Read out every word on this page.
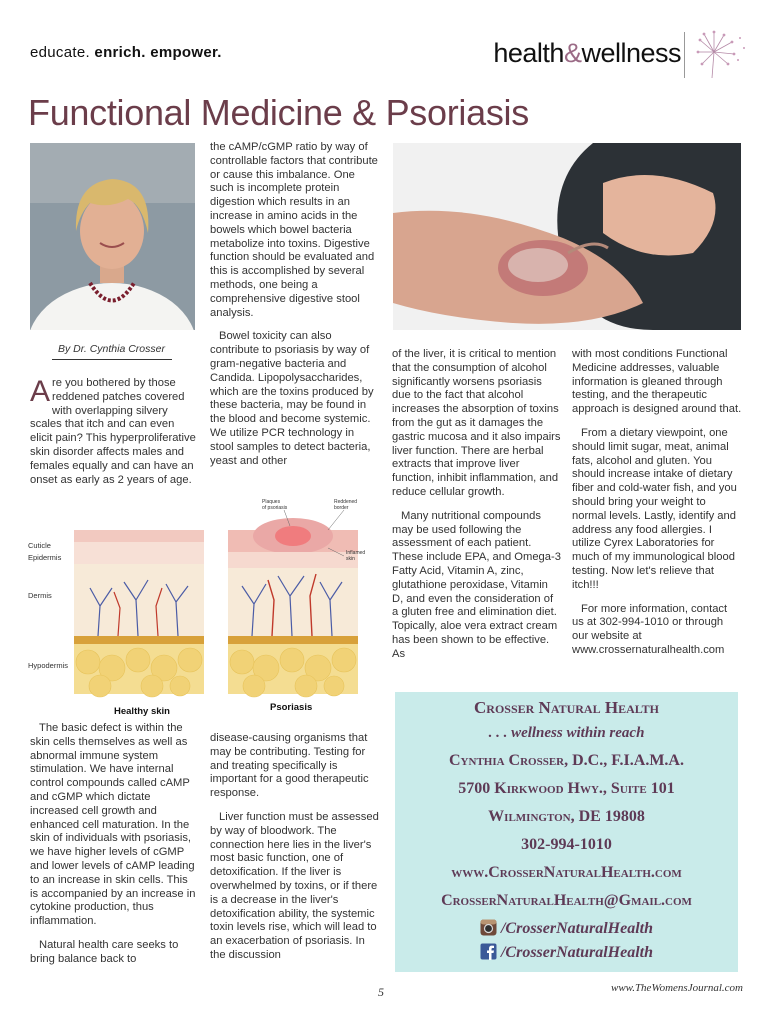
educate. enrich. empower.	health&wellness
Functional Medicine & Psoriasis
By Dr. Cynthia Crosser

Are you bothered by those reddened patches covered with overlapping silvery scales that itch and can even elicit pain? This hyperproliferative skin disorder affects males and females equally and can have an onset as early as 2 years of age.

the cAMP/cGMP ratio by way of controllable factors that contribute or cause this imbalance. One such is incomplete protein digestion which results in an increase in amino acids in the bowels which bowel bacteria metabolize into toxins. Digestive function should be evaluated and this is accomplished by several methods, one being a comprehensive digestive stool analysis.

Bowel toxicity can also contribute to psoriasis by way of gram-negative bacteria and Candida. Lipopolysaccharides, which are the toxins produced by these bacteria, may be found in the blood and become systemic. We utilize PCR technology in stool samples to detect bacteria, yeast and other

of the liver, it is critical to mention that the consumption of alcohol significantly worsens psoriasis due to the fact that alcohol increases the absorption of toxins from the gut as it damages the gastric mucosa and it also impairs liver function. There are herbal extracts that improve liver function, inhibit inflammation, and reduce cellular growth.

Many nutritional compounds may be used following the assessment of each patient. These include EPA, and Omega-3 Fatty Acid, Vitamin A, zinc, glutathione peroxidase, Vitamin D, and even the consideration of a gluten free and elimination diet. Topically, aloe vera extract cream has been shown to be effective. As

with most conditions Functional Medicine addresses, valuable information is gleaned through testing, and the therapeutic approach is designed around that.

From a dietary viewpoint, one should limit sugar, meat, animal fats, alcohol and gluten. You should increase intake of dietary fiber and cold-water fish, and you should bring your weight to normal levels. Lastly, identify and address any food allergies. I utilize Cyrex Laboratories for much of my immunological blood testing. Now let's relieve that itch!!!

For more information, contact us at 302-994-1010 or through our website at www.crossernaturalhealth.com

Cuticle
Epidermis
Dermis
Hypodermis
Plaques
of psoriasis
Reddened
border
Inflamed
skin
Healthy skin	Psoriasis

The basic defect is within the skin cells themselves as well as abnormal immune system stimulation. We have internal control compounds called cAMP and cGMP which dictate increased cell growth and enhanced cell maturation. In the skin of individuals with psoriasis, we have higher levels of cGMP and lower levels of cAMP leading to an increase in skin cells. This is accompanied by an increase in cytokine production, thus inflammation.

Natural health care seeks to bring balance back to

disease-causing organisms that may be contributing. Testing for and treating specifically is important for a good therapeutic response.

Liver function must be assessed by way of bloodwork. The connection here lies in the liver's most basic function, one of detoxification. If the liver is overwhelmed by toxins, or if there is a decrease in the liver's detoxification ability, the systemic toxin levels rise, which will lead to an exacerbation of psoriasis. In the discussion

Crosser Natural Health
. . . wellness within reach
Cynthia Crosser, D.C., F.I.A.M.A.
5700 Kirkwood Hwy., Suite 101
Wilmington, DE 19808
302-994-1010
www.CrosserNaturalHealth.com
CrosserNaturalHealth@Gmail.com
/CrosserNaturalHealth
/CrosserNaturalHealth
5	www.TheWomensJournal.com
